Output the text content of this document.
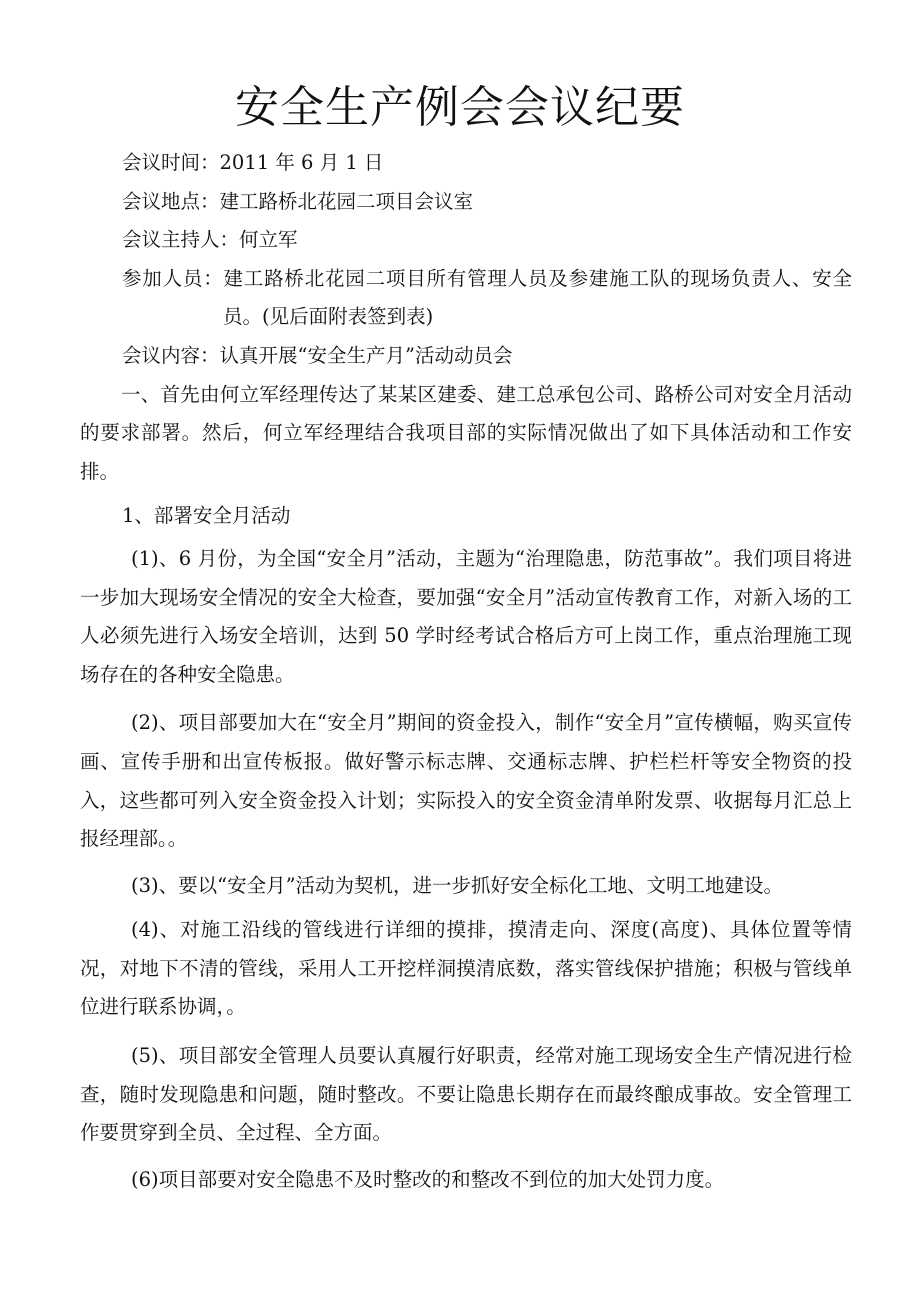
安全生产例会会议纪要
会议时间：2011 年 6 月 1 日
会议地点：建工路桥北花园二项目会议室
会议主持人：何立军
参加人员：建工路桥北花园二项目所有管理人员及参建施工队的现场负责人、安全员。(见后面附表签到表)
会议内容：认真开展“安全生产月”活动动员会
一、首先由何立军经理传达了某某区建委、建工总承包公司、路桥公司对安全月活动的要求部署。然后，何立军经理结合我项目部的实际情况做出了如下具体活动和工作安排。
1、部署安全月活动
(1)、6 月份，为全国“安全月”活动，主题为“治理隐患，防范事故”。我们项目将进一步加大现场安全情况的安全大检查，要加强“安全月”活动宣传教育工作，对新入场的工人必须先进行入场安全培训，达到 50 学时经考试合格后方可上岗工作，重点治理施工现场存在的各种安全隐患。
(2)、项目部要加大在“安全月”期间的资金投入，制作“安全月”宣传横幅，购买宣传画、宣传手册和出宣传板报。做好警示标志牌、交通标志牌、护栏栏杆等安全物资的投入，这些都可列入安全资金投入计划；实际投入的安全资金清单附发票、收据每月汇总上报经理部。。
(3)、要以“安全月”活动为契机，进一步抓好安全标化工地、文明工地建设。
(4)、对施工沿线的管线进行详细的摸排，摸清走向、深度(高度)、具体位置等情况，对地下不清的管线，采用人工开挖样洞摸清底数，落实管线保护措施；积极与管线单位进行联系协调，。
(5)、项目部安全管理人员要认真履行好职责，经常对施工现场安全生产情况进行检查，随时发现隐患和问题，随时整改。不要让隐患长期存在而最终酿成事故。安全管理工作要贯穿到全员、全过程、全方面。
(6)项目部要对安全隐患不及时整改的和整改不到位的加大处罚力度。
